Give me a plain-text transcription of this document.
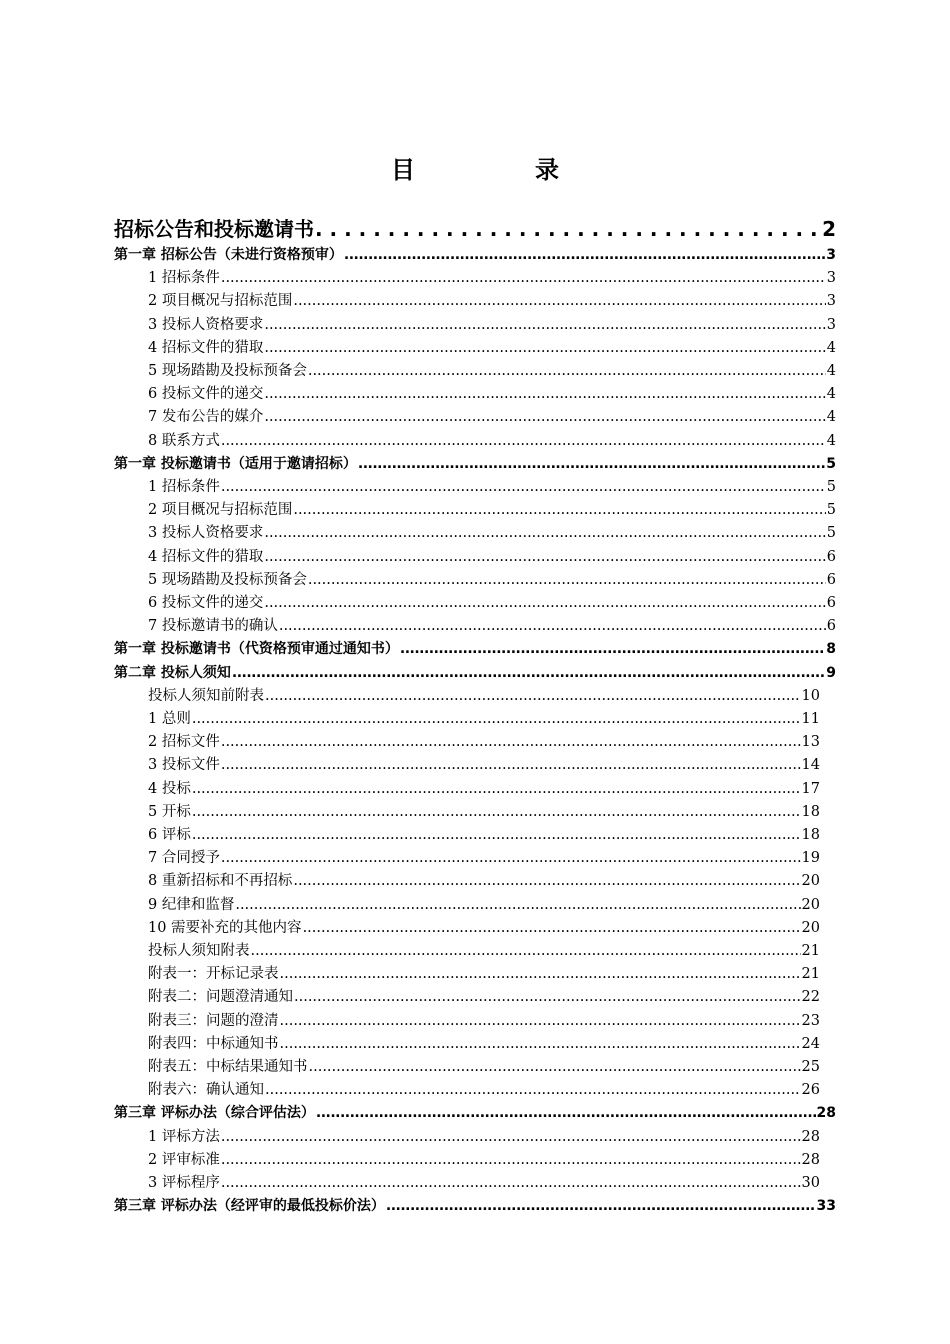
目　录
招标公告和投标邀请书 . . .	2
第一章 招标公告（未进行资格预审） .....	3
1 招标条件 .....	3
2 项目概况与招标范围 .....	3
3 投标人资格要求 .....	3
4 招标文件的猎取 .....	4
5 现场踏勘及投标预备会 .....	4
6 投标文件的递交 .....	4
7 发布公告的媒介 .....	4
8 联系方式 .....	4
第一章 投标邀请书（适用于邀请招标） .....	5
1 招标条件 .....	5
2 项目概况与招标范围 .....	5
3 投标人资格要求 .....	5
4 招标文件的猎取 .....	6
5 现场踏勘及投标预备会 .....	6
6 投标文件的递交 .....	6
7 投标邀请书的确认 .....	6
第一章 投标邀请书（代资格预审通过通知书） .....	8
第二章 投标人须知 .....	9
投标人须知前附表 .....	10
1 总则 .....	11
2 招标文件 .....	13
3 投标文件 .....	14
4 投标 .....	17
5 开标 .....	18
6 评标 .....	18
7 合同授予 .....	19
8 重新招标和不再招标 .....	20
9 纪律和监督 .....	20
10 需要补充的其他内容 .....	20
投标人须知附表 .....	21
附表一：开标记录表 .....	21
附表二：问题澄清通知 .....	22
附表三：问题的澄清 .....	23
附表四：中标通知书 .....	24
附表五：中标结果通知书 .....	25
附表六：确认通知 .....	26
第三章 评标办法（综合评估法） .....	28
1 评标方法 .....	28
2 评审标准 .....	28
3 评标程序 .....	30
第三章 评标办法（经评审的最低投标价法） .....	33
